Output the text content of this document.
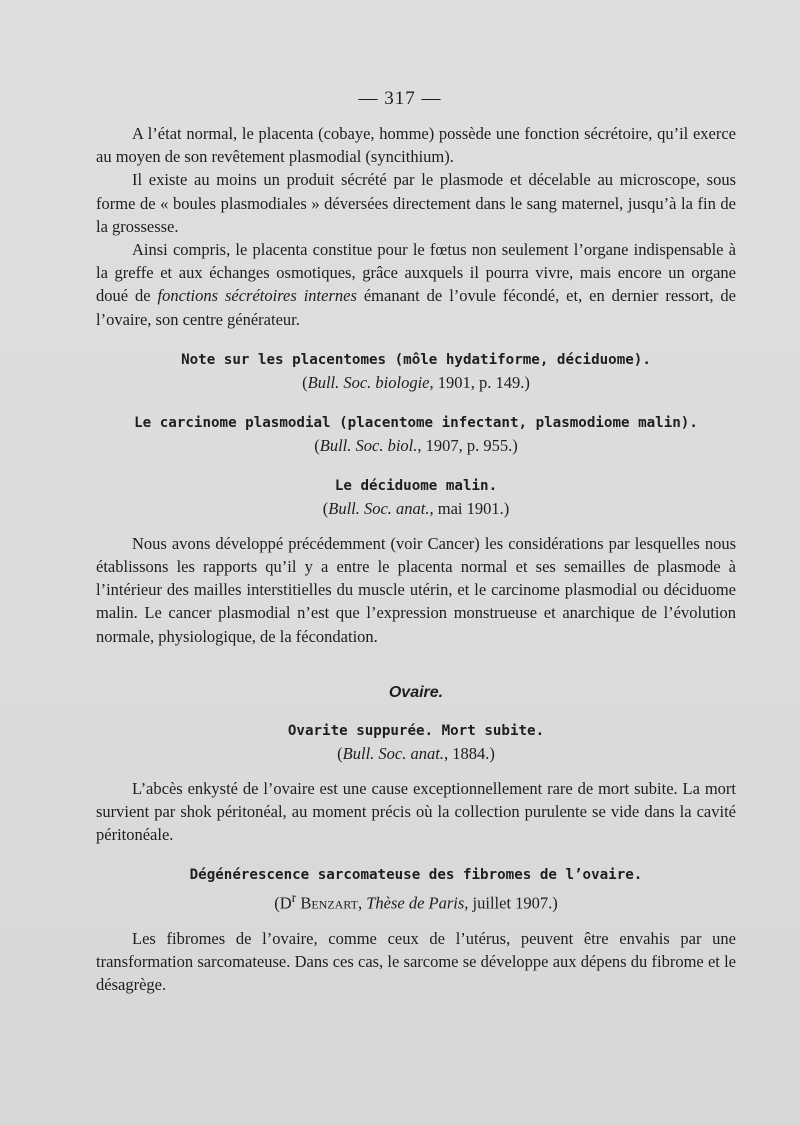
— 317 —

A l’état normal, le placenta (cobaye, homme) possède une fonction sécrétoire, qu’il exerce au moyen de son revêtement plasmodial (syncithium).

Il existe au moins un produit sécrété par le plasmode et décelable au microscope, sous forme de « boules plasmodiales » déversées directement dans le sang maternel, jusqu’à la fin de la grossesse.

Ainsi compris, le placenta constitue pour le fœtus non seulement l’organe indispensable à la greffe et aux échanges osmotiques, grâce auxquels il pourra vivre, mais encore un organe doué de fonctions sécrétoires internes émanant de l’ovule fécondé, et, en dernier ressort, de l’ovaire, son centre générateur.

Note sur les placentomes (môle hydatiforme, déciduome).
(Bull. Soc. biologie, 1901, p. 149.)
Le carcinome plasmodial (placentome infectant, plasmodiome malin).
(Bull. Soc. biol., 1907, p. 955.)
Le déciduome malin.
(Bull. Soc. anat., mai 1901.)

Nous avons développé précédemment (voir Cancer) les considérations par lesquelles nous établissons les rapports qu’il y a entre le placenta normal et ses semailles de plasmode à l’intérieur des mailles interstitielles du muscle utérin, et le carcinome plasmodial ou déciduome malin. Le cancer plasmodial n’est que l’expression monstrueuse et anarchique de l’évolution normale, physiologique, de la fécondation.

Ovaire.
Ovarite suppurée. Mort subite.
(Bull. Soc. anat., 1884.)

L’abcès enkysté de l’ovaire est une cause exceptionnellement rare de mort subite. La mort survient par shok péritonéal, au moment précis où la collection purulente se vide dans la cavité péritonéale.

Dégénérescence sarcomateuse des fibromes de l’ovaire.
($D^r$ Benzart, Thèse de Paris, juillet 1907.)

Les fibromes de l’ovaire, comme ceux de l’utérus, peuvent être envahis par une transformation sarcomateuse. Dans ces cas, le sarcome se développe aux dépens du fibrome et le désagrège.
